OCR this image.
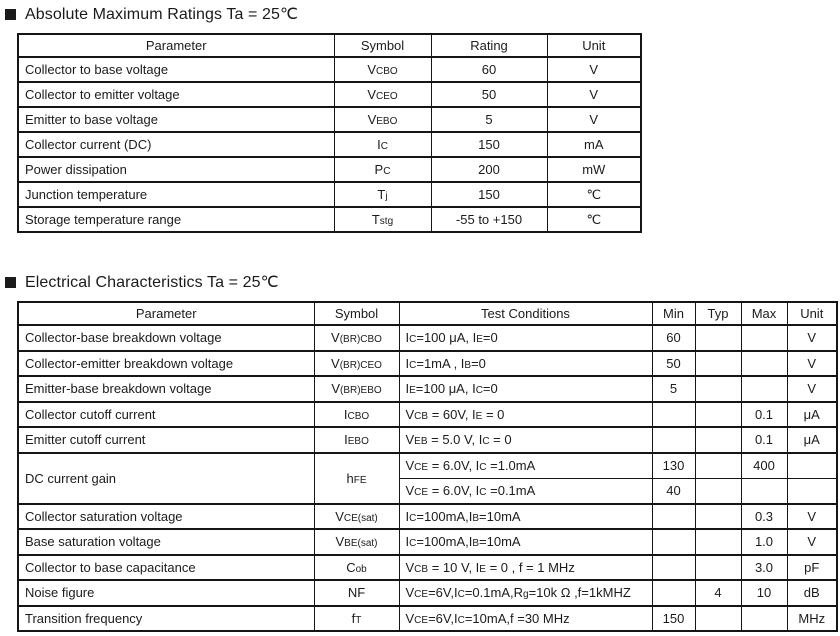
Absolute Maximum Ratings Ta = 25℃
Parameter	Symbol	Rating	Unit
Collector to base voltage	VCBO	60	V
Collector to emitter voltage	VCEO	50	V
Emitter to base voltage	VEBO	5	V
Collector current (DC)	IC	150	mA
Power dissipation	PC	200	mW
Junction temperature	Tj	150	℃
Storage temperature range	Tstg	-55 to +150	℃
Electrical Characteristics Ta = 25℃
Parameter	Symbol	Test Conditions	Min	Typ	Max	Unit
Collector-base breakdown voltage	V(BR)CBO	IC=100 μA, IE=0	60			V
Collector-emitter breakdown voltage	V(BR)CEO	IC=1mA , IB=0	50			V
Emitter-base breakdown voltage	V(BR)EBO	IE=100 μA, IC=0	5			V
Collector cutoff current	ICBO	VCB = 60V, IE = 0			0.1	μA
Emitter cutoff current	IEBO	VEB = 5.0 V, IC = 0			0.1	μA
DC current gain	hFE	VCE = 6.0V, IC =1.0mA	130		400	
		VCE = 6.0V, IC =0.1mA	40			
Collector saturation voltage	VCE(sat)	IC=100mA,IB=10mA			0.3	V
Base saturation voltage	VBE(sat)	IC=100mA,IB=10mA			1.0	V
Collector to base capacitance	Cob	VCB = 10 V, IE = 0 , f = 1 MHz			3.0	pF
Noise figure	NF	VCE=6V,IC=0.1mA,Rg=10k Ω ,f=1kMHZ		4	10	dB
Transition frequency	fT	VCE=6V,IC=10mA,f =30 MHz	150			MHz
